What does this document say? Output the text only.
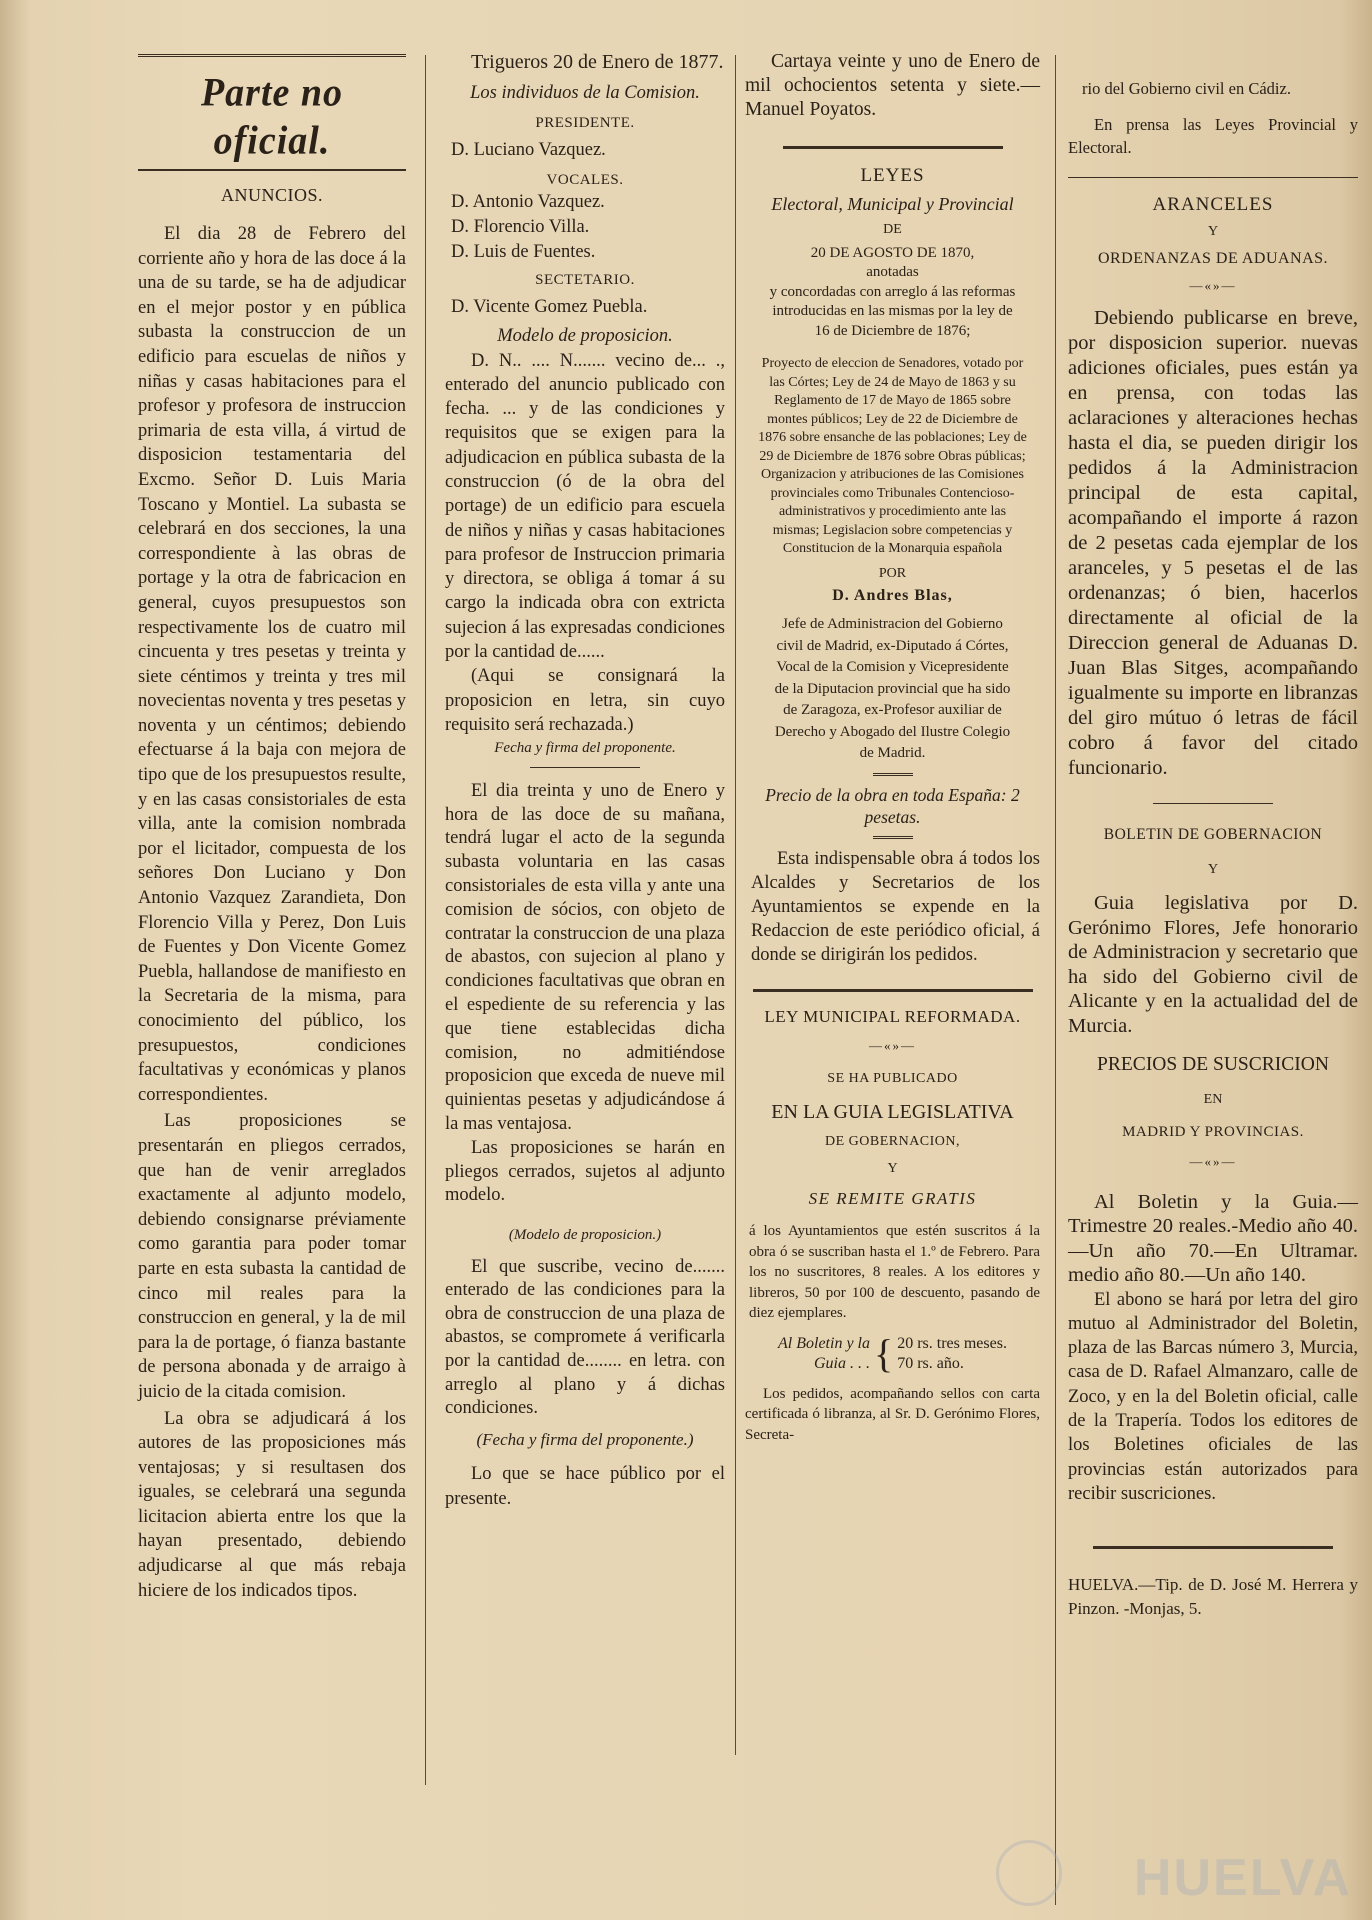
Parte no oficial.
ANUNCIOS.

El dia 28 de Febrero del corriente año y hora de las doce á la una de su tarde, se ha de adjudicar en el mejor postor y en pública subasta la construccion de un edificio para escuelas de niños y niñas y casas habitaciones para el profesor y profesora de instruccion primaria de esta villa, á virtud de disposicion testamentaria del Excmo. Señor D. Luis Maria Toscano y Montiel. La subasta se celebrará en dos secciones, la una correspondiente à las obras de portage y la otra de fabricacion en general, cuyos presupuestos son respectivamente los de cuatro mil cincuenta y tres pesetas y treinta y siete céntimos y treinta y tres mil novecientas noventa y tres pesetas y noventa y un céntimos; debiendo efectuarse á la baja con mejora de tipo que de los presupuestos resulte, y en las casas consistoriales de esta villa, ante la comision nombrada por el licitador, compuesta de los señores Don Luciano y Don Antonio Vazquez Zarandieta, Don Florencio Villa y Perez, Don Luis de Fuentes y Don Vicente Gomez Puebla, hallandose de manifiesto en la Secretaria de la misma, para conocimiento del público, los presupuestos, condiciones facultativas y económicas y planos correspondientes.

Las proposiciones se presentarán en pliegos cerrados, que han de venir arreglados exactamente al adjunto modelo, debiendo consignarse préviamente como garantia para poder tomar parte en esta subasta la cantidad de cinco mil reales para la construccion en general, y la de mil para la de portage, ó fianza bastante de persona abonada y de arraigo à juicio de la citada comision.

La obra se adjudicará á los autores de las proposiciones más ventajosas; y si resultasen dos iguales, se celebrará una segunda licitacion abierta entre los que la hayan presentado, debiendo adjudicarse al que más rebaja hiciere de los indicados tipos.

Trigueros 20 de Enero de 1877.

Los individuos de la Comision.
PRESIDENTE.
D. Luciano Vazquez.
VOCALES.
D. Antonio Vazquez.
D. Florencio Villa.
D. Luis de Fuentes.
SECTETARIO.
D. Vicente Gomez Puebla.
Modelo de proposicion.

D. N.. .... N....... vecino de... ., enterado del anuncio publicado con fecha. ... y de las condiciones y requisitos que se exigen para la adjudicacion en pública subasta de la construccion (ó de la obra del portage) de un edificio para escuela de niños y niñas y casas habitaciones para profesor de Instruccion primaria y directora, se obliga á tomar á su cargo la indicada obra con extricta sujecion á las expresadas condiciones por la cantidad de......

(Aqui se consignará la proposicion en letra, sin cuyo requisito será rechazada.)

Fecha y firma del proponente.

El dia treinta y uno de Enero y hora de las doce de su mañana, tendrá lugar el acto de la segunda subasta voluntaria en las casas consistoriales de esta villa y ante una comision de sócios, con objeto de contratar la construccion de una plaza de abastos, con sujecion al plano y condiciones facultativas que obran en el espediente de su referencia y las que tiene establecidas dicha comision, no admitiéndose proposicion que exceda de nueve mil quinientas pesetas y adjudicándose á la mas ventajosa.

Las proposiciones se harán en pliegos cerrados, sujetos al adjunto modelo.

(Modelo de proposicion.)

El que suscribe, vecino de....... enterado de las condiciones para la obra de construccion de una plaza de abastos, se compromete á verificarla por la cantidad de........ en letra. con arreglo al plano y á dichas condiciones.

(Fecha y firma del proponente.)

Lo que se hace público por el presente.

Cartaya veinte y uno de Enero de mil ochocientos setenta y siete.—Manuel Poyatos.

LEYES
Electoral, Municipal y Provincial
DE
20 DE AGOSTO DE 1870,
anotadas

y concordadas con arreglo á las reformas introducidas en las mismas por la ley de 16 de Diciembre de 1876;

Proyecto de eleccion de Senadores, votado por las Córtes; Ley de 24 de Mayo de 1863 y su Reglamento de 17 de Mayo de 1865 sobre montes públicos; Ley de 22 de Diciembre de 1876 sobre ensanche de las poblaciones; Ley de 29 de Diciembre de 1876 sobre Obras públicas; Organizacion y atribuciones de las Comisiones provinciales como Tribunales Contencioso-administrativos y procedimiento ante las mismas; Legislacion sobre competencias y Constitucion de la Monarquia española

POR
D. Andres Blas,

Jefe de Administracion del Gobierno civil de Madrid, ex-Diputado á Córtes, Vocal de la Comision y Vicepresidente de la Diputacion provincial que ha sido de Zaragoza, ex-Profesor auxiliar de Derecho y Abogado del Ilustre Colegio de Madrid.

Precio de la obra en toda España: 2 pesetas.

Esta indispensable obra á todos los Alcaldes y Secretarios de los Ayuntamientos se expende en la Redaccion de este periódico oficial, á donde se dirigirán los pedidos.

LEY MUNICIPAL REFORMADA.
—«»—
SE HA PUBLICADO
EN LA GUIA LEGISLATIVA
DE GOBERNACION,
Y
SE REMITE GRATIS

á los Ayuntamientos que estén suscritos á la obra ó se suscriban hasta el 1.º de Febrero. Para los no suscritores, 8 reales. A los editores y libreros, 50 por 100 de descuento, pasando de diez ejemplares.

Al Boletin y la
Guia . . . { 20 rs. tres meses.
70 rs. año.

Los pedidos, acompañando sellos con carta certificada ó libranza, al Sr. D. Gerónimo Flores, Secreta-

rio del Gobierno civil en Cádiz.

En prensa las Leyes Provincial y Electoral.

ARANCELES
Y
ORDENANZAS DE ADUANAS.
—«»—

Debiendo publicarse en breve, por disposicion superior. nuevas adiciones oficiales, pues están ya en prensa, con todas las aclaraciones y alteraciones hechas hasta el dia, se pueden dirigir los pedidos á la Administracion principal de esta capital, acompañando el importe á razon de 2 pesetas cada ejemplar de los aranceles, y 5 pesetas el de las ordenanzas; ó bien, hacerlos directamente al oficial de la Direccion general de Aduanas D. Juan Blas Sitges, acompañando igualmente su importe en libranzas del giro mútuo ó letras de fácil cobro á favor del citado funcionario.

BOLETIN DE GOBERNACION
Y

Guia legislativa por D. Gerónimo Flores, Jefe honorario de Administracion y secretario que ha sido del Gobierno civil de Alicante y en la actualidad del de Murcia.

PRECIOS DE SUSCRICION
EN
MADRID Y PROVINCIAS.
—«»—

Al Boletin y la Guia.—Trimestre 20 reales.-Medio año 40.—Un año 70.—En Ultramar. medio año 80.—Un año 140.

El abono se hará por letra del giro mutuo al Administrador del Boletin, plaza de las Barcas número 3, Murcia, casa de D. Rafael Almanzaro, calle de Zoco, y en la del Boletin oficial, calle de la Trapería. Todos los editores de los Boletines oficiales de las provincias están autorizados para recibir suscriciones.

HUELVA.—Tip. de D. José M. Herrera y Pinzon. -Monjas, 5.

HUELVA
